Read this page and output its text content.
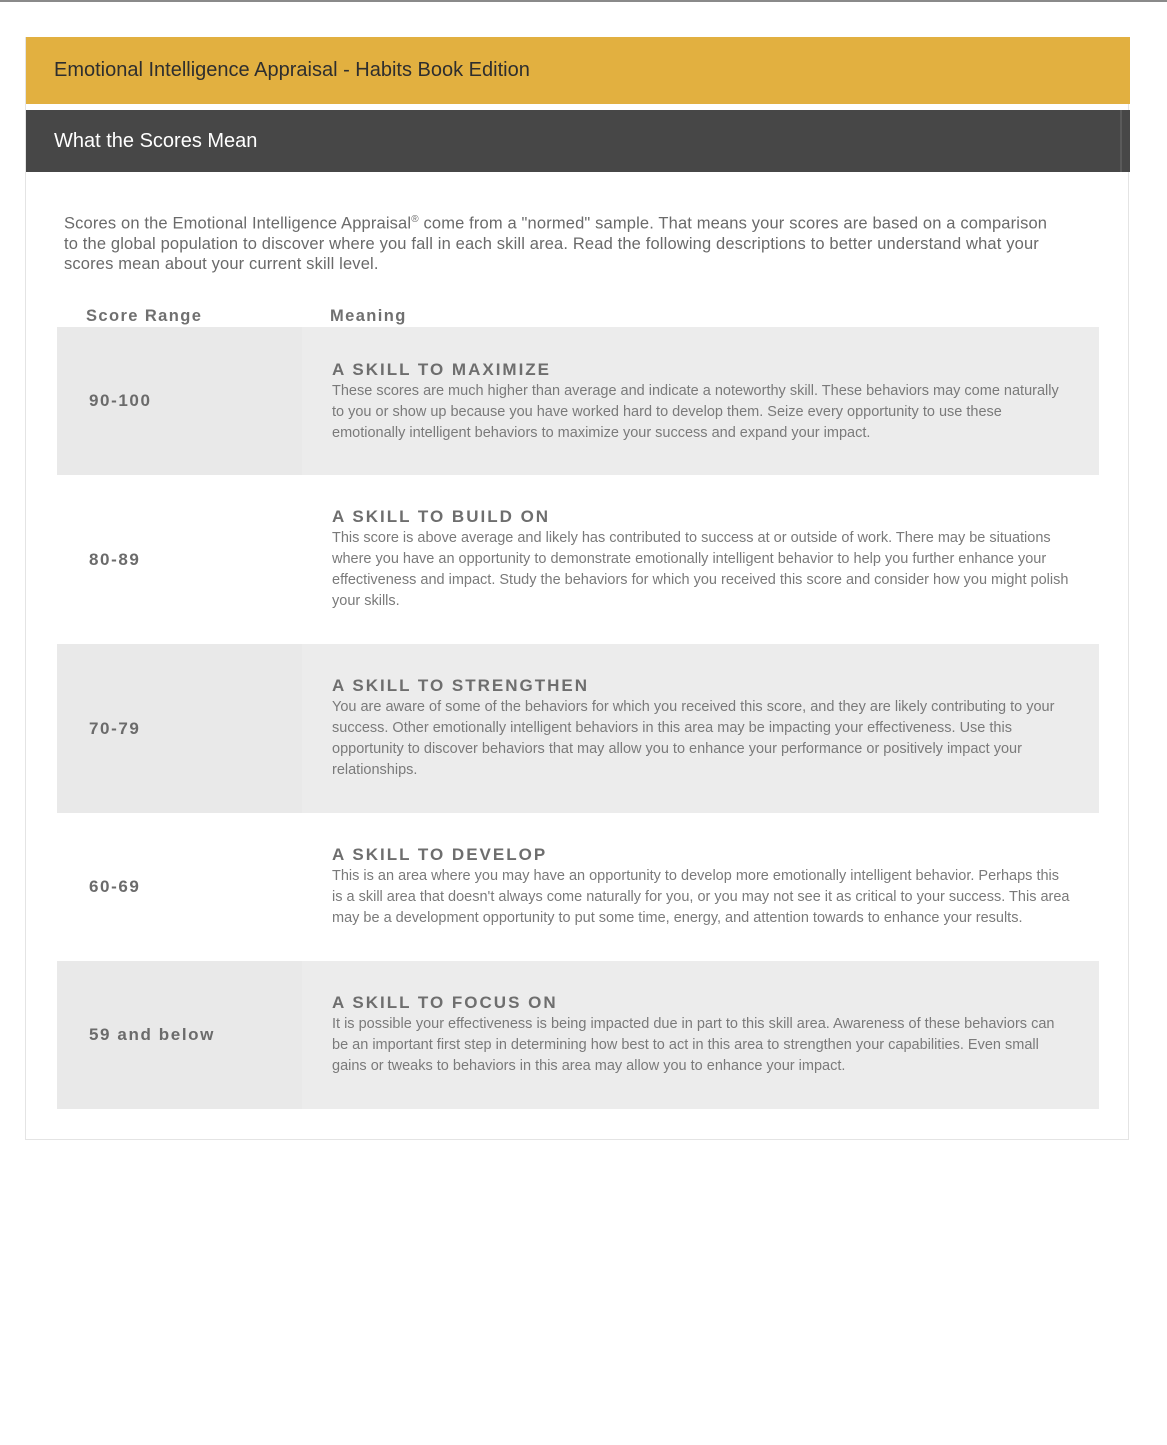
Emotional Intelligence Appraisal - Habits Book Edition
What the Scores Mean

Scores on the Emotional Intelligence Appraisal® come from a "normed" sample. That means your scores are based on a comparison to the global population to discover where you fall in each skill area. Read the following descriptions to better understand what your scores mean about your current skill level.

Score Range	Meaning
90-100
A SKILL TO MAXIMIZE
These scores are much higher than average and indicate a noteworthy skill. These behaviors may come naturally to you or show up because you have worked hard to develop them. Seize every opportunity to use these emotionally intelligent behaviors to maximize your success and expand your impact.
80-89
A SKILL TO BUILD ON
This score is above average and likely has contributed to success at or outside of work. There may be situations where you have an opportunity to demonstrate emotionally intelligent behavior to help you further enhance your effectiveness and impact. Study the behaviors for which you received this score and consider how you might polish your skills.
70-79
A SKILL TO STRENGTHEN
You are aware of some of the behaviors for which you received this score, and they are likely contributing to your success. Other emotionally intelligent behaviors in this area may be impacting your effectiveness. Use this opportunity to discover behaviors that may allow you to enhance your performance or positively impact your relationships.
60-69
A SKILL TO DEVELOP
This is an area where you may have an opportunity to develop more emotionally intelligent behavior. Perhaps this is a skill area that doesn't always come naturally for you, or you may not see it as critical to your success. This area may be a development opportunity to put some time, energy, and attention towards to enhance your results.
59 and below
A SKILL TO FOCUS ON
It is possible your effectiveness is being impacted due in part to this skill area. Awareness of these behaviors can be an important first step in determining how best to act in this area to strengthen your capabilities. Even small gains or tweaks to behaviors in this area may allow you to enhance your impact.
